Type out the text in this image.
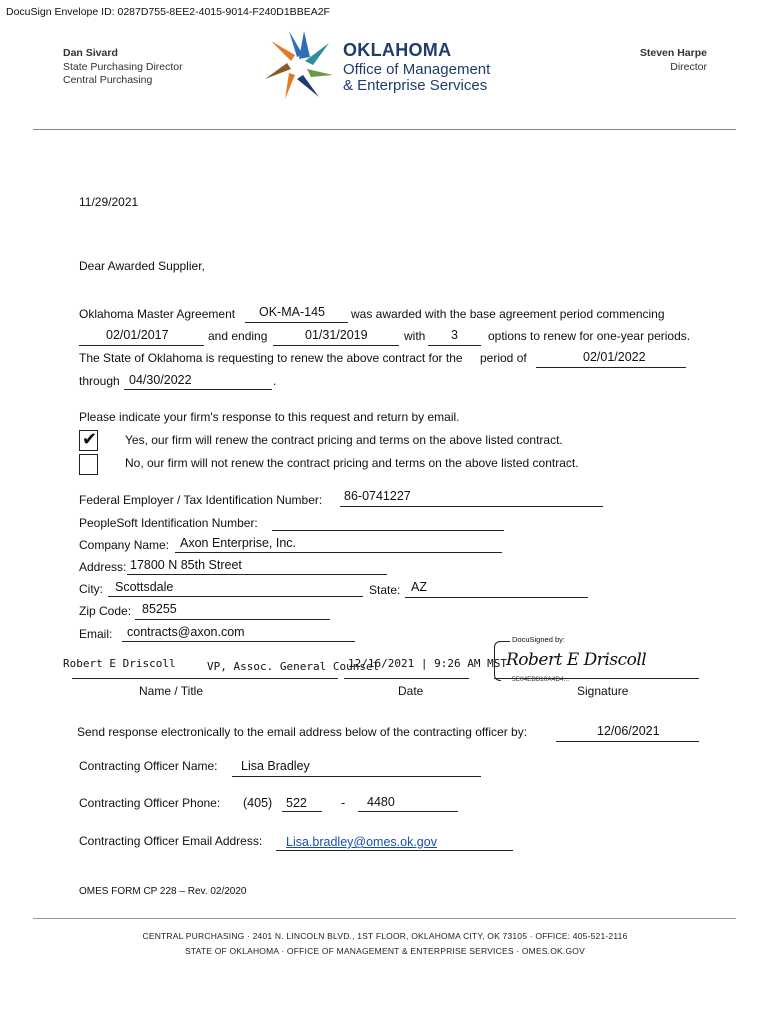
DocuSign Envelope ID: 0287D755-8EE2-4015-9014-F240D1BBEA2F
Dan Sivard
State Purchasing Director
Central Purchasing
OKLAHOMA
Office of Management
& Enterprise Services
Steven Harpe
Director
11/29/2021
Dear Awarded Supplier,
Oklahoma Master Agreement OK-MA-145 was awarded with the base agreement period commencing
02/01/2017	and ending	01/31/2019	with 3	options to renew for one-year periods.
The State of Oklahoma is requesting to renew the above contract for the period of	02/01/2022
through 04/30/2022	.
Please indicate your firm's response to this request and return by email.
✔ Yes, our firm will renew the contract pricing and terms on the above listed contract.
No, our firm will not renew the contract pricing and terms on the above listed contract.
Federal Employer / Tax Identification Number: 86-0741227
PeopleSoft Identification Number:
Company Name: Axon Enterprise, Inc.
Address: 17800 N 85th Street
City: Scottsdale	State: AZ
Zip Code: 85255
Email: contracts@axon.com
Robert E Driscoll	VP, Assoc. General Counsel
12/16/2021 | 9:26 AM MST
DocuSigned by:
Robert E Driscoll
5E04EBB10A4D4...
Name / Title	Date	Signature
Send response electronically to the email address below of the contracting officer by:	12/06/2021
Contracting Officer Name: Lisa Bradley
Contracting Officer Phone: (405) 522	- 4480
Contracting Officer Email Address: Lisa.bradley@omes.ok.gov
OMES FORM CP 228 – Rev. 02/2020
CENTRAL PURCHASING · 2401 N. LINCOLN BLVD., 1ST FLOOR, OKLAHOMA CITY, OK 73105 · OFFICE: 405-521-2116
STATE OF OKLAHOMA · OFFICE OF MANAGEMENT & ENTERPRISE SERVICES · OMES.OK.GOV
